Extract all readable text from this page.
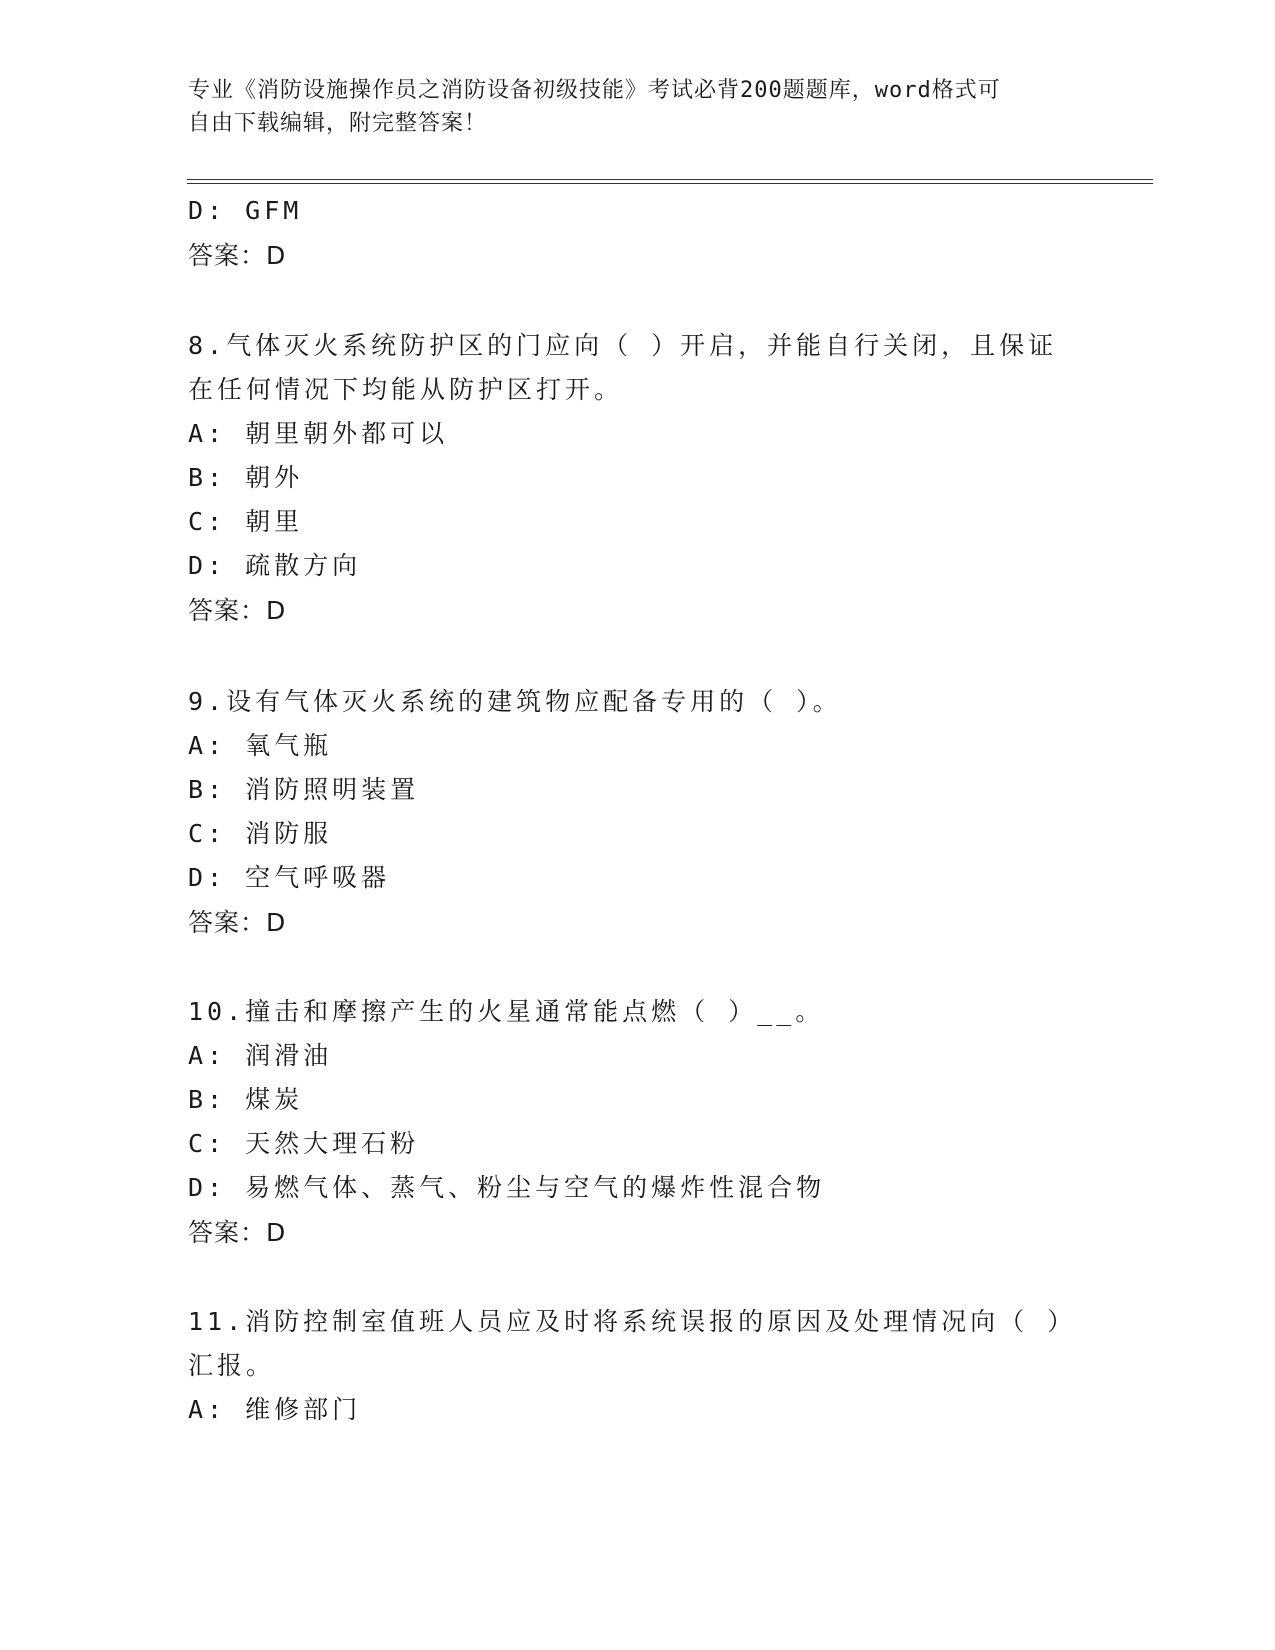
专业《消防设施操作员之消防设备初级技能》考试必背200题题库，word格式可
自由下载编辑，附完整答案！
D: GFM
答案：D
8.气体灭火系统防护区的门应向（ ）开启，并能自行关闭，且保证
在任何情况下均能从防护区打开。
A: 朝里朝外都可以
B: 朝外
C: 朝里
D: 疏散方向
答案：D
9.设有气体灭火系统的建筑物应配备专用的（ ）。
A: 氧气瓶
B: 消防照明装置
C: 消防服
D: 空气呼吸器
答案：D
10.撞击和摩擦产生的火星通常能点燃（ ）__。
A: 润滑油
B: 煤炭
C: 天然大理石粉
D: 易燃气体、蒸气、粉尘与空气的爆炸性混合物
答案：D
11.消防控制室值班人员应及时将系统误报的原因及处理情况向（ ）
汇报。
A: 维修部门
